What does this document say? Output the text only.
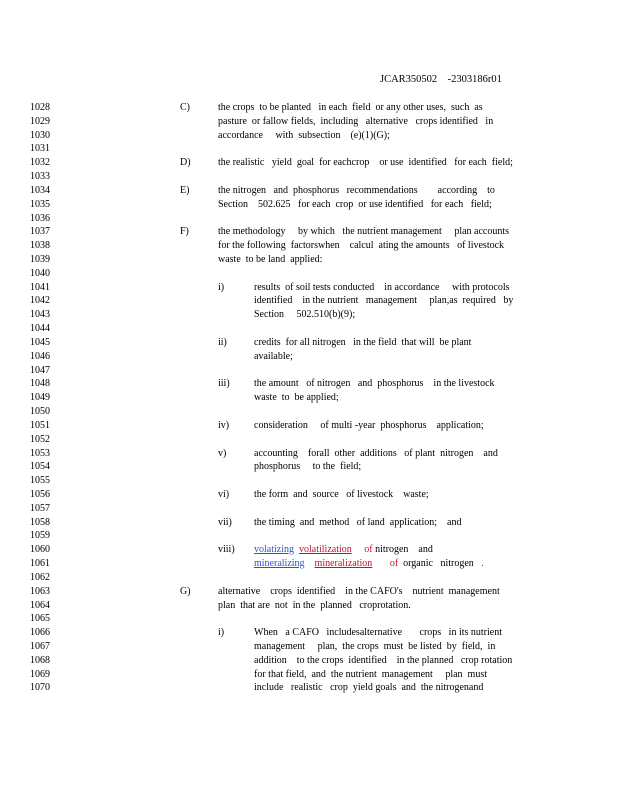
JCAR350502    -2303186r01
1028	C)	the crops  to be planted   in each  field  or any other uses,  such  as
1029	pasture  or fallow fields,  including   alternative   crops identified   in
1030	accordance     with  subsection    (e)(1)(G);
1031
1032	D)	the realistic   yield  goal  for eachcrop    or use  identified   for each  field;
1033
1034	E)	the nitrogen   and  phosphorus   recommendations        according    to
1035	Section    502.625   for each  crop  or use identified   for each   field;
1036
1037	F)	the methodology     by which   the nutrient management     plan accounts
1038	for the following  factorswhen    calcul  ating the amounts   of livestock
1039	waste  to be land  applied:
1040
1041	i)	results  of soil tests conducted    in accordance     with protocols
1042	identified    in the nutrient   management     plan,as  required   by
1043	Section     502.510(b)(9);
1044
1045	ii)	credits  for all nitrogen   in the field  that will  be plant
1046	available;
1047
1048	iii) the amount   of nitrogen   and  phosphorus    in the livestock
1049	waste  to  be applied;
1050
1051	iv) consideration     of multi -year  phosphorus    application;
1052
1053	v)	accounting    forall  other  additions   of plant  nitrogen    and
1054	phosphorus     to the  field;
1055
1056	vi) the form  and  source   of livestock    waste;
1057
1058	vii) the timing  and  method   of land  application;    and
1059
1060	viii) volatizing volatilization of nitrogen    and
1061	mineralizing mineralization of  organic   nitrogen   .
1062
1063	G)	alternative    crops  identified    in the CAFO's    nutrient  management
1064	plan  that are  not  in the  planned   croprotation.
1065
1066	i)	When   a CAFO   includesalternative       crops   in its nutrient
1067	management     plan,  the crops  must  be listed  by  field,  in
1068	addition    to the crops  identified    in the planned   crop rotation
1069	for that field,  and  the nutrient  management     plan  must
1070	include   realistic   crop  yield goals  and  the nitrogenand
